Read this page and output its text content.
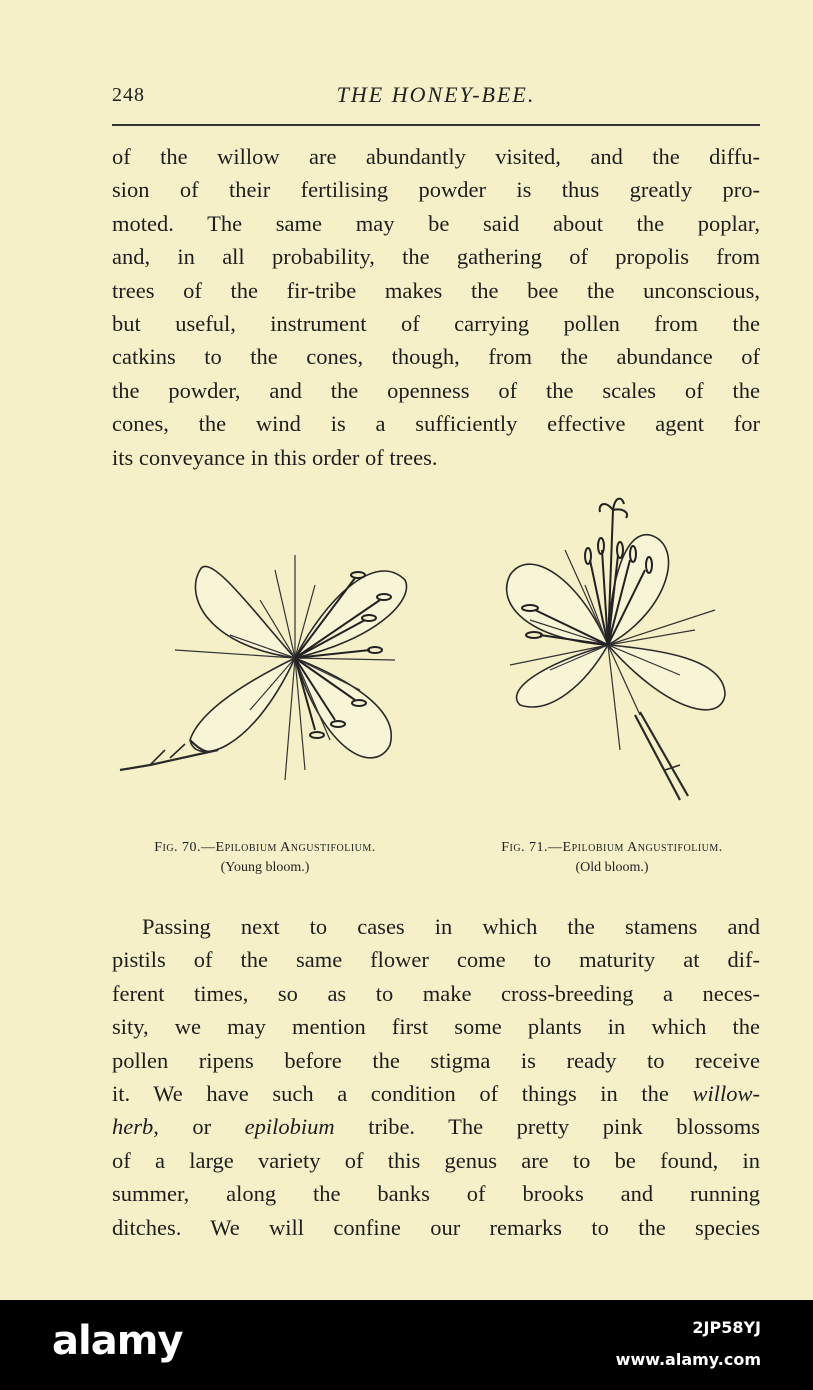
248	THE HONEY-BEE.
of the willow are abundantly visited, and the diffu-
sion of their fertilising powder is thus greatly pro-
moted. The same may be said about the poplar,
and, in all probability, the gathering of propolis from
trees of the fir-tribe makes the bee the unconscious,
but useful, instrument of carrying pollen from the
catkins to the cones, though, from the abundance of
the powder, and the openness of the scales of the
cones, the wind is a sufficiently effective agent for
its conveyance in this order of trees.
Fig. 70.—Epilobium Angustifolium.
(Young bloom.)
Fig. 71.—Epilobium Angustifolium.
(Old bloom.)
Passing next to cases in which the stamens and
pistils of the same flower come to maturity at dif-
ferent times, so as to make cross-breeding a neces-
sity, we may mention first some plants in which the
pollen ripens before the stigma is ready to receive
it. We have such a condition of things in the willow-
herb, or epilobium tribe. The pretty pink blossoms
of a large variety of this genus are to be found, in
summer, along the banks of brooks and running
ditches. We will confine our remarks to the species
alamy	2JP58YJ
www.alamy.com
